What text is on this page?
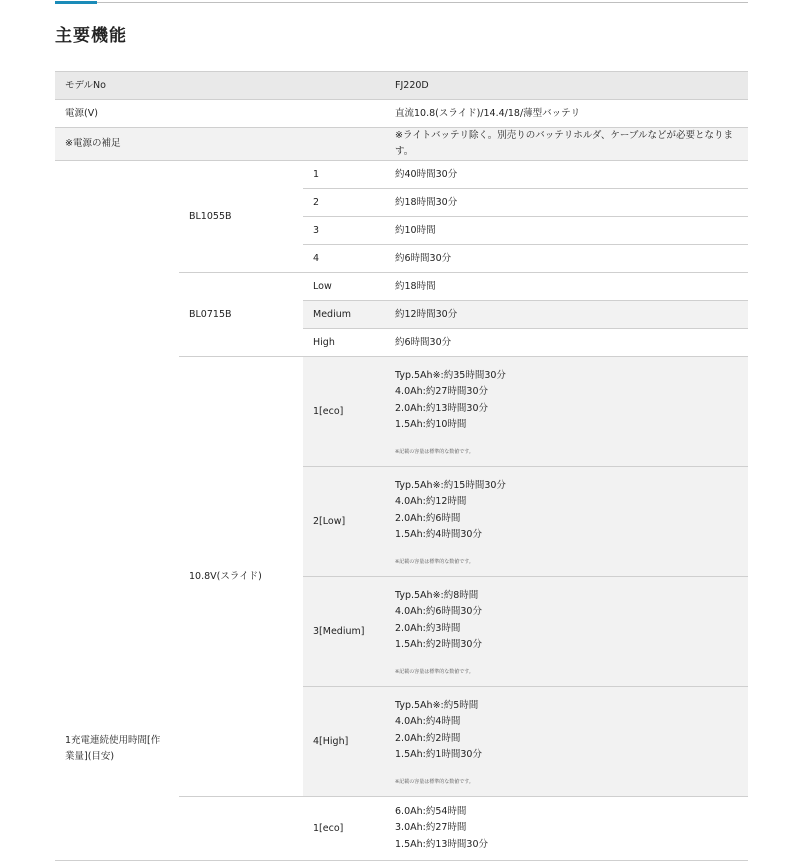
主要機能
モデルNo			FJ220D
電源(V)			直流10.8(スライド)/14.4/18/薄型バッテリ
※電源の補足			※ライトバッテリ除く。別売りのバッテリホルダ、ケーブルなどが必要となります。
1充電連続使用時間[作業量](目安)	BL1055B	1	約40時間30分
		2	約18時間30分
		3	約10時間
		4	約6時間30分
	BL0715B	Low	約18時間
		Medium	約12時間30分
		High	約6時間30分
	10.8V(スライド)	1[eco]	Typ.5Ah※:約35時間30分
4.0Ah:約27時間30分
2.0Ah:約13時間30分
1.5Ah:約10時間
※記載の容量は標準的な数値です。

		2[Low]	Typ.5Ah※:約15時間30分
4.0Ah:約12時間
2.0Ah:約6時間
1.5Ah:約4時間30分
※記載の容量は標準的な数値です。

		3[Medium]	Typ.5Ah※:約8時間
4.0Ah:約6時間30分
2.0Ah:約3時間
1.5Ah:約2時間30分
※記載の容量は標準的な数値です。

		4[High]	Typ.5Ah※:約5時間
4.0Ah:約4時間
2.0Ah:約2時間
1.5Ah:約1時間30分
※記載の容量は標準的な数値です。

		1[eco]	6.0Ah:約54時間
3.0Ah:約27時間
1.5Ah:約13時間30分
